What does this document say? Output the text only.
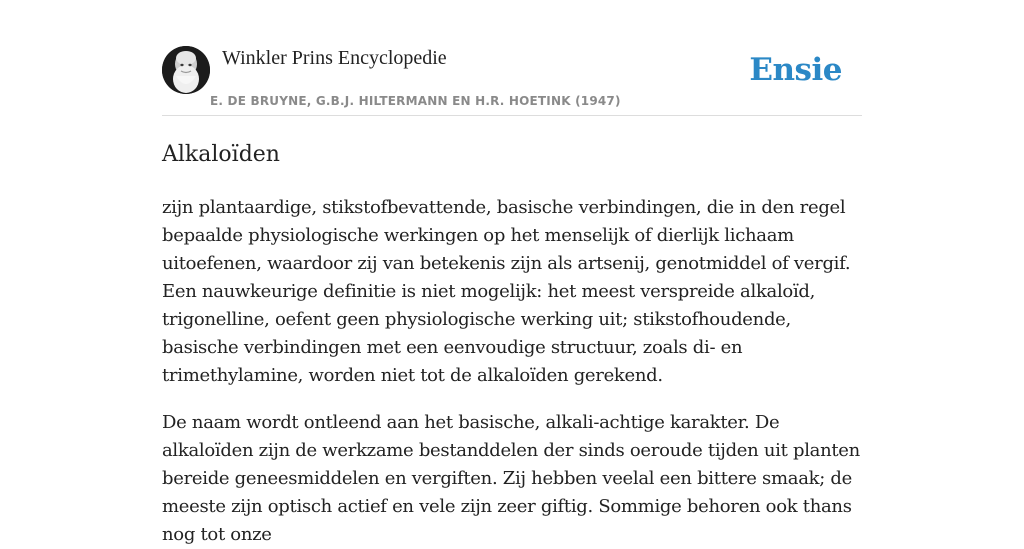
Winkler Prins Encyclopedie
E. DE BRUYNE, G.B.J. HILTERMANN EN H.R. HOETINK (1947)
Ensie
Alkaloïden

zijn plantaardige, stikstofbevattende, basische verbindingen, die in den regel bepaalde physiologische werkingen op het menselijk of dierlijk lichaam uitoefenen, waardoor zij van betekenis zijn als artsenij, genotmiddel of vergif. Een nauwkeurige definitie is niet mogelijk: het meest verspreide alkaloïd, trigonelline, oefent geen physiologische werking uit; stikstofhoudende, basische verbindingen met een eenvoudige structuur, zoals di- en trimethylamine, worden niet tot de alkaloïden gerekend.

De naam wordt ontleend aan het basische, alkali-achtige karakter. De alkaloïden zijn de werkzame bestanddelen der sinds oeroude tijden uit planten bereide geneesmiddelen en vergiften. Zij hebben veelal een bittere smaak; de meeste zijn optisch actief en vele zijn zeer giftig. Sommige behoren ook thans nog tot onze
